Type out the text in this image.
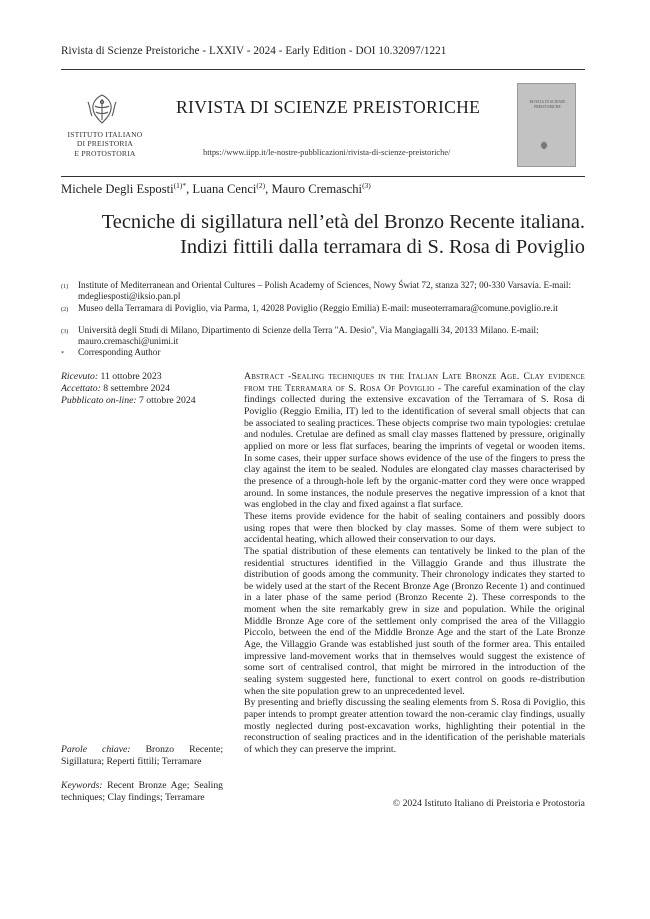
Rivista di Scienze Preistoriche - LXXIV - 2024 - Early Edition - DOI 10.32097/1221
ISTITUTO ITALIANO
DI PREISTORIA
E PROTOSTORIA
RIVISTA DI SCIENZE PREISTORICHE
https://www.iipp.it/le-nostre-pubblicazioni/rivista-di-scienze-preistoriche/
RIVISTA DI SCIENZE PREISTORICHE
Michele Degli Esposti$^{(1)*}$, Luana Cenci$^{(2)}$, Mauro Cremaschi$^{(3)}$
Tecniche di sigillatura nell’età del Bronzo Recente italiana.
Indizi fittili dalla terramara di S. Rosa di Poviglio
(1) Institute of Mediterranean and Oriental Cultures – Polish Academy of Sciences, Nowy Świat 72, stanza 327; 00-330 Varsavia. E-mail: mdegliesposti@iksio.pan.pl
(2) Museo della Terramara di Poviglio, via Parma, 1, 42028 Poviglio (Reggio Emilia) E-mail: museoterramara@comune.poviglio.re.it
(3) Università degli Studi di Milano, Dipartimento di Scienze della Terra "A. Desio", Via Mangiagalli 34, 20133 Milano. E-mail: mauro.cremaschi@unimi.it
* Corresponding Author
Ricevuto: 11 ottobre 2023
Accettato: 8 settembre 2024
Pubblicato on-line: 7 ottobre 2024
Parole chiave: Bronzo Recente; Sigillatura; Reperti fittili; Terramare
Keywords: Recent Bronze Age; Sealing techniques; Clay findings; Terramare

Abstract -Sealing techniques in the Italian Late Bronze Age. Clay evidence from the Terramara of S. Rosa Of Poviglio - The careful examination of the clay findings collected during the extensive excavation of the Terramara of S. Rosa di Poviglio (Reggio Emilia, IT) led to the identification of several small objects that can be associated to sealing practices. These objects comprise two main typologies: cretulae and nodules. Cretulae are defined as small clay masses flattened by pressure, originally applied on more or less flat surfaces, bearing the imprints of vegetal or wooden items. In some cases, their upper surface shows evidence of the use of the fingers to press the clay against the item to be sealed. Nodules are elongated clay masses characterised by the presence of a through-hole left by the organic-matter cord they were once wrapped around. In some instances, the nodule preserves the negative impression of a knot that was englobed in the clay and fixed against a flat surface.

These items provide evidence for the habit of sealing containers and possibly doors using ropes that were then blocked by clay masses. Some of them were subject to accidental heating, which allowed their conservation to our days.

The spatial distribution of these elements can tentatively be linked to the plan of the residential structures identified in the Villaggio Grande and thus illustrate the distribution of goods among the community. Their chronology indicates they started to be widely used at the start of the Recent Bronze Age (Bronzo Recente 1) and continued in a later phase of the same period (Bronzo Recente 2). These corresponds to the moment when the site remarkably grew in size and population. While the original Middle Bronze Age core of the settlement only comprised the area of the Villaggio Piccolo, between the end of the Middle Bronze Age and the start of the Late Bronze Age, the Villaggio Grande was established just south of the former area. This entailed impressive land-movement works that in themselves would suggest the existence of some sort of centralised control, that might be mirrored in the introduction of the sealing system suggested here, functional to exert control on goods re-distribution when the site population grew to an unprecedented level.

By presenting and briefly discussing the sealing elements from S. Rosa di Poviglio, this paper intends to prompt greater attention toward the non-ceramic clay findings, usually mostly neglected during post-excavation works, highlighting their potential in the reconstruction of sealing practices and in the identification of the perishable materials of which they can preserve the imprint.

© 2024 Istituto Italiano di Preistoria e Protostoria
